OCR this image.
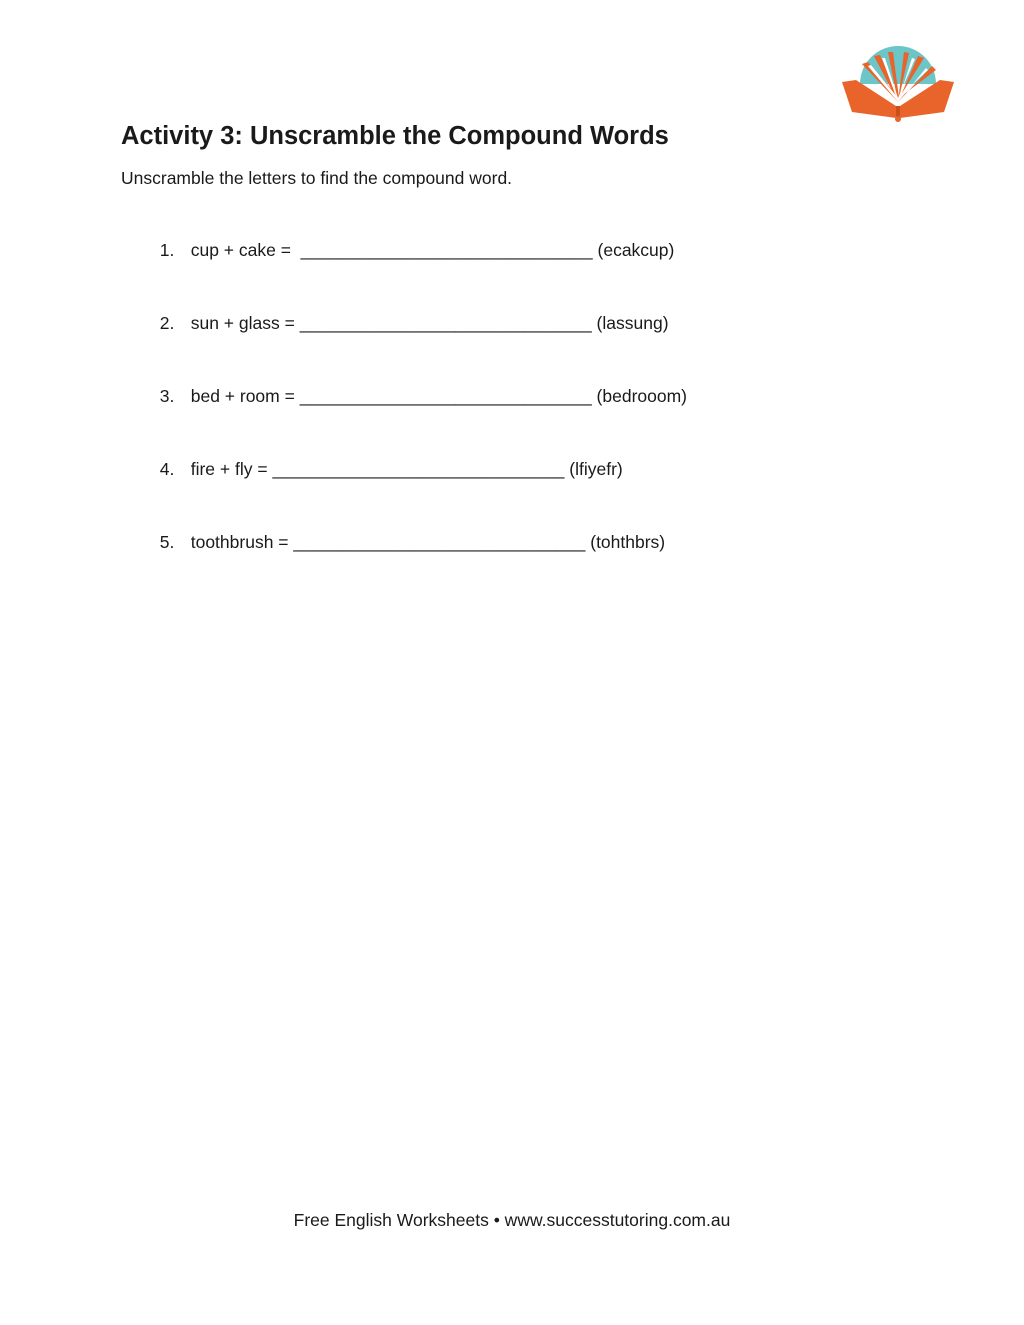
Activity 3: Unscramble the Compound Words

Unscramble the letters to find the compound word.

1. cup + cake =  ______________________________ (ecakcup)

2. sun + glass = ______________________________ (lassung)

3. bed + room = ______________________________ (bedrooom)

4. fire + fly = ______________________________ (lfiyefr)

5. toothbrush = ______________________________ (tohthbrs)

Free English Worksheets • www.successtutoring.com.au
